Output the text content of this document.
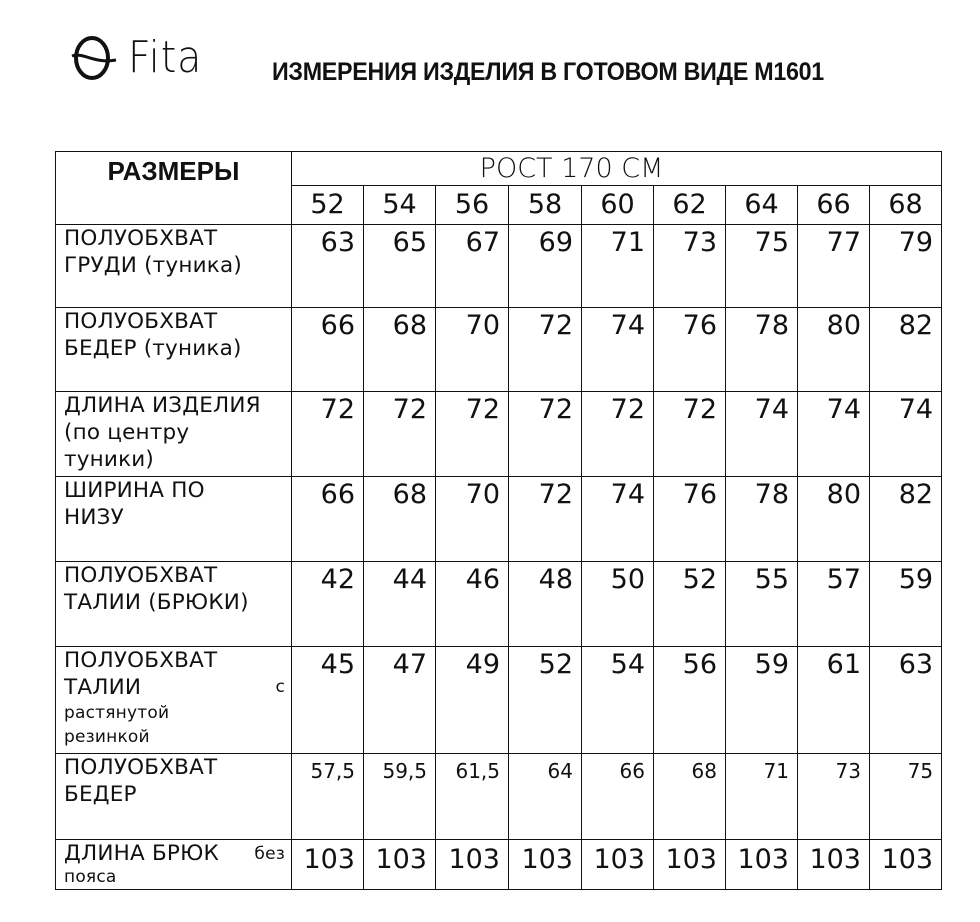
Fita	ИЗМЕРЕНИЯ ИЗДЕЛИЯ В ГОТОВОМ ВИДЕ М1601
РАЗМЕРЫ	РОСТ 170 СМ								
	52	54	56	58	60	62	64	66	68

ПОЛУОБХВАТ
ГРУДИ (туника)	63	65	67	69	71	73	75	77	79

ПОЛУОБХВАТ
БЕДЕР (туника)	66	68	70	72	74	76	78	80	82

ДЛИНА ИЗДЕЛИЯ
(по центру
туники)	72	72	72	72	72	72	74	74	74

ШИРИНА ПО
НИЗУ	66	68	70	72	74	76	78	80	82

ПОЛУОБХВАТ
ТАЛИИ (БРЮКИ)	42	44	46	48	50	52	55	57	59

ПОЛУОБХВАТ
ТАЛИИ с
растянутой
резинкой	45	47	49	52	54	56	59	61	63

ПОЛУОБХВАТ
БЕДЕР	57,5	59,5	61,5	64	66	68	71	73	75

ДЛИНА БРЮК без
пояса	103	103	103	103	103	103	103	103	103
